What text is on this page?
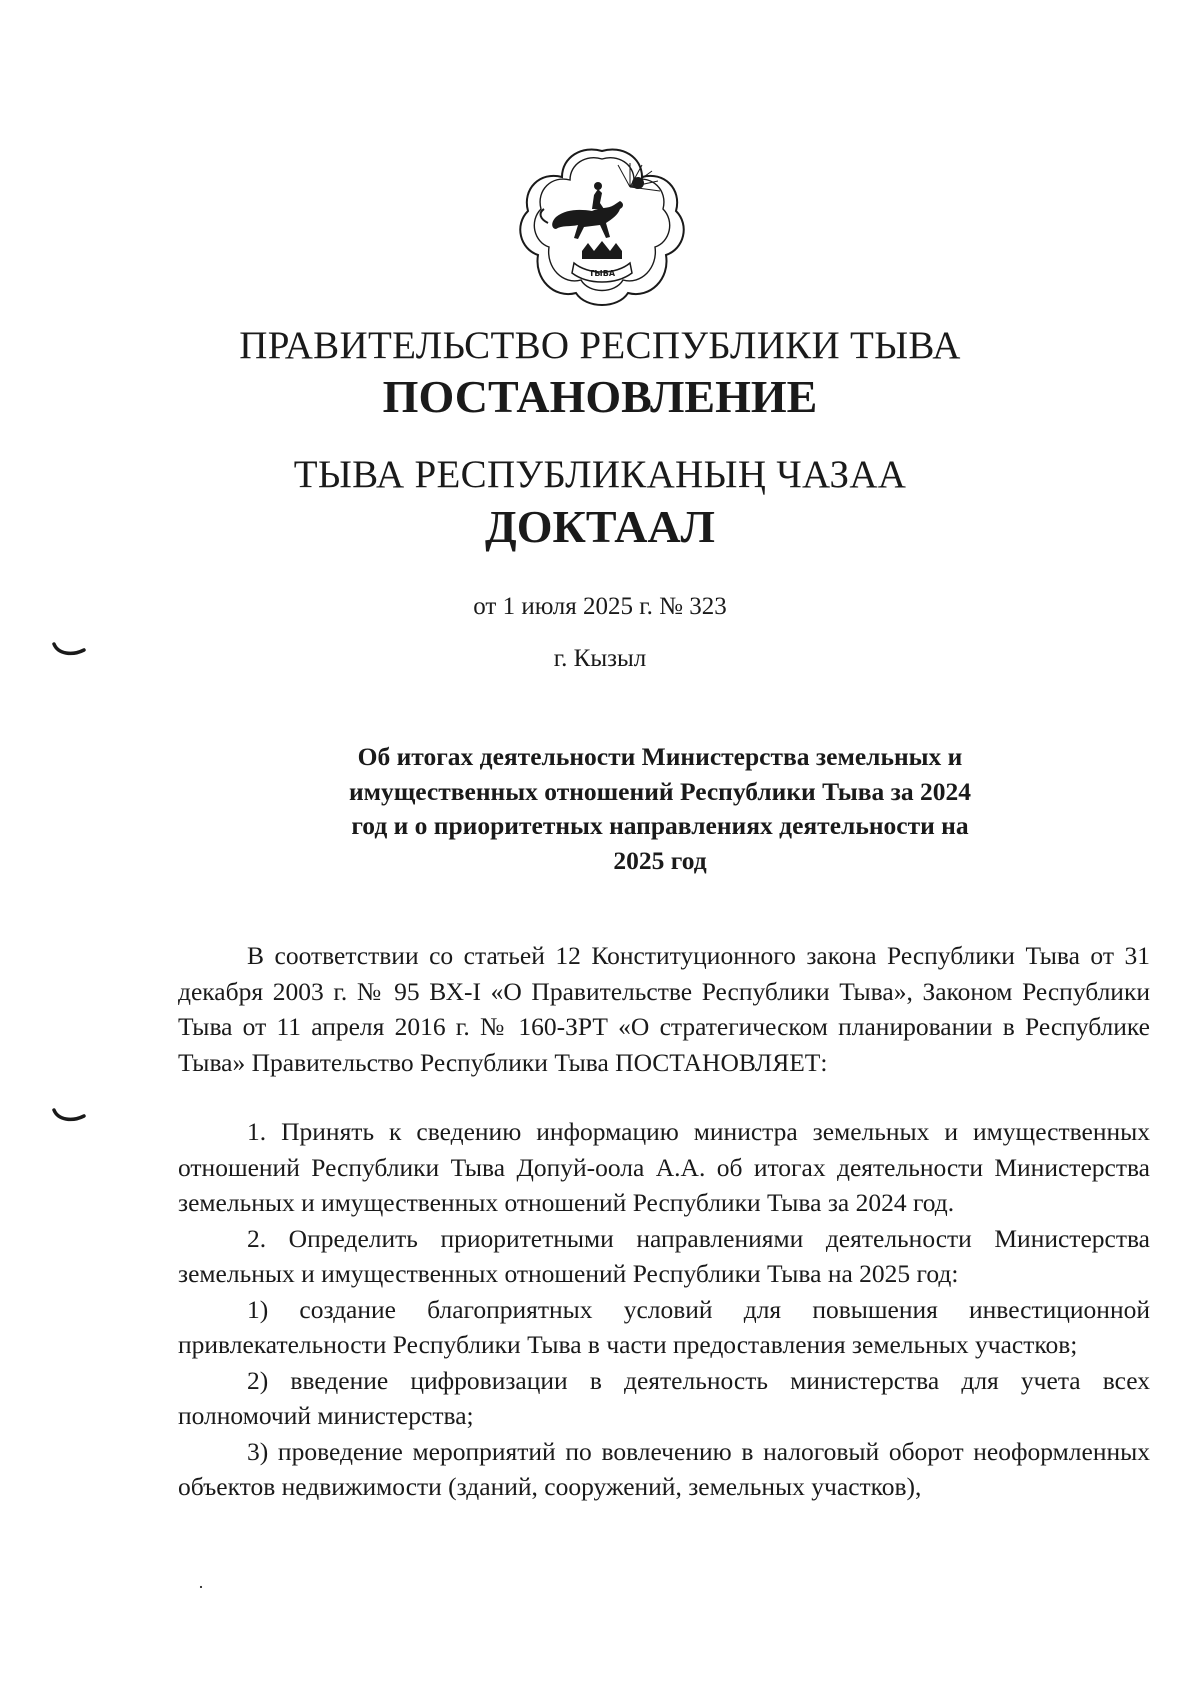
ТЫВА
ПРАВИТЕЛЬСТВО РЕСПУБЛИКИ ТЫВА
ПОСТАНОВЛЕНИЕ
ТЫВА РЕСПУБЛИКАНЫҢ ЧАЗАА
ДОКТААЛ
от 1 июля 2025 г. № 323
г. Кызыл
Об итогах деятельности Министерства земельных и имущественных отношений Республики Тыва за 2024 год и о приоритетных направлениях деятельности на 2025 год

В соответствии со статьей 12 Конституционного закона Республики Тыва от 31 декабря 2003 г. № 95 ВХ-I «О Правительстве Республики Тыва», Законом Республики Тыва от 11 апреля 2016 г. № 160-ЗРТ «О стратегическом планировании в Республике Тыва» Правительство Республики Тыва ПОСТАНОВЛЯЕТ:

1. Принять к сведению информацию министра земельных и имущественных отношений Республики Тыва Допуй-оола А.А. об итогах деятельности Министерства земельных и имущественных отношений Республики Тыва за 2024 год.

2. Определить приоритетными направлениями деятельности Министерства земельных и имущественных отношений Республики Тыва на 2025 год:

1) создание благоприятных условий для повышения инвестиционной привлекательности Республики Тыва в части предоставления земельных участков;

2) введение цифровизации в деятельность министерства для учета всех полномочий министерства;

3) проведение мероприятий по вовлечению в налоговый оборот неоформленных объектов недвижимости (зданий, сооружений, земельных участков),

·
